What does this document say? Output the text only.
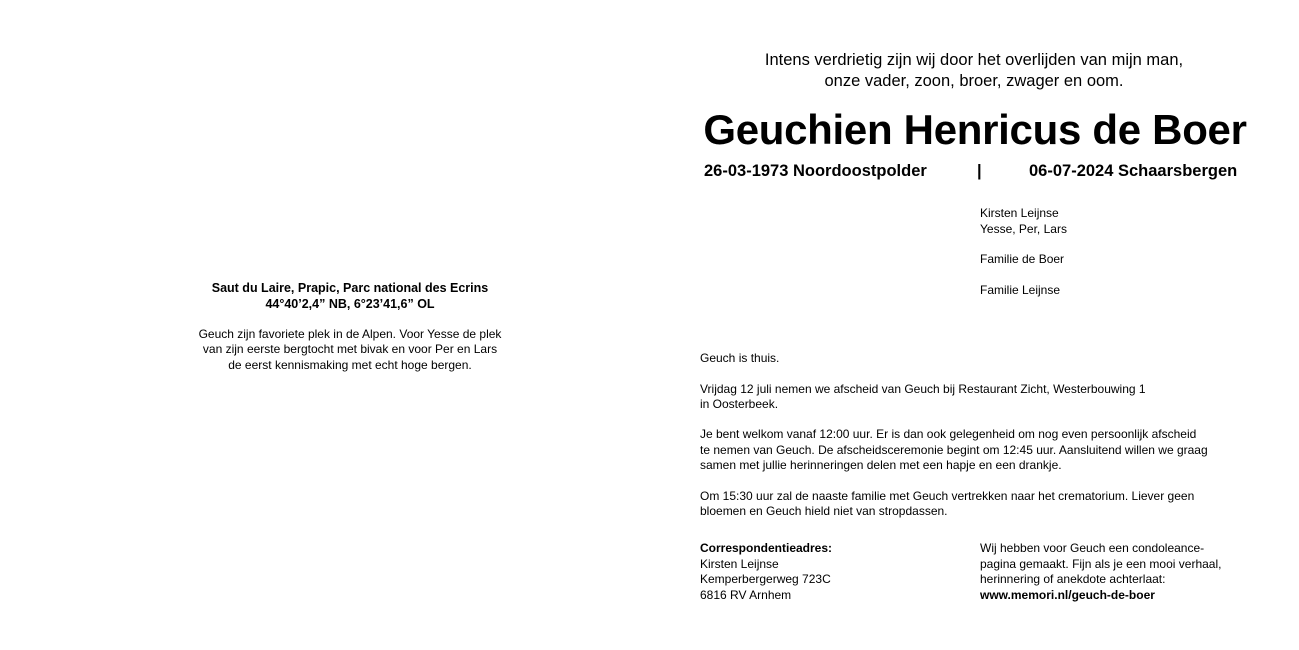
Saut du Laire, Prapic, Parc national des Ecrins
44°40’2,4” NB, 6°23’41,6” OL
Geuch zijn favoriete plek in de Alpen. Voor Yesse de plek
van zijn eerste bergtocht met bivak en voor Per en Lars
de eerst kennismaking met echt hoge bergen.
Intens verdrietig zijn wij door het overlijden van mijn man,
onze vader, zoon, broer, zwager en oom.
Geuchien Henricus de Boer
26-03-1973 Noordoostpolder	|	06-07-2024 Schaarsbergen
Kirsten Leijnse
Yesse, Per, Lars
Familie de Boer
Familie Leijnse
Geuch is thuis.
Vrijdag 12 juli nemen we afscheid van Geuch bij Restaurant Zicht, Westerbouwing 1
in Oosterbeek.
Je bent welkom vanaf 12:00 uur. Er is dan ook gelegenheid om nog even persoonlijk afscheid
te nemen van Geuch. De afscheidsceremonie begint om 12:45 uur. Aansluitend willen we graag
samen met jullie herinneringen delen met een hapje en een drankje.
Om 15:30 uur zal de naaste familie met Geuch vertrekken naar het crematorium. Liever geen
bloemen en Geuch hield niet van stropdassen.
Correspondentieadres:
Kirsten Leijnse
Kemperbergerweg 723C
6816 RV Arnhem
Wij hebben voor Geuch een condoleance-
pagina gemaakt. Fijn als je een mooi verhaal,
herinnering of anekdote achterlaat:
www.memori.nl/geuch-de-boer
